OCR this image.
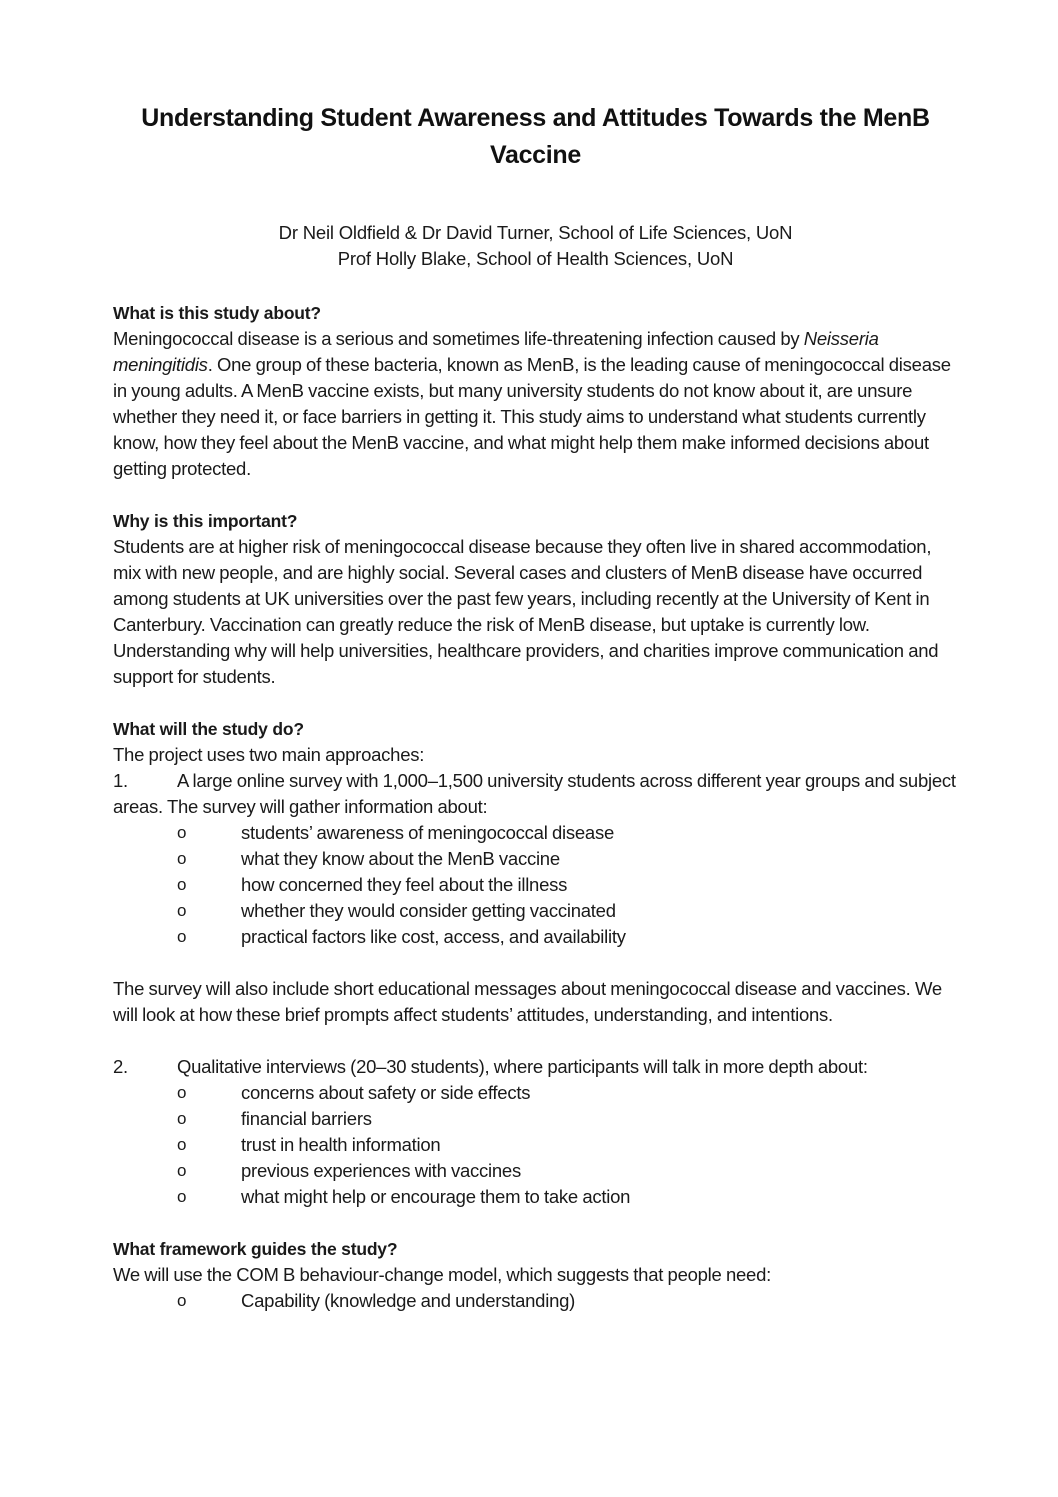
Understanding Student Awareness and Attitudes Towards the MenB Vaccine
Dr Neil Oldfield & Dr David Turner, School of Life Sciences, UoN
Prof Holly Blake, School of Health Sciences, UoN
What is this study about?

Meningococcal disease is a serious and sometimes life-threatening infection caused by Neisseria meningitidis. One group of these bacteria, known as MenB, is the leading cause of meningococcal disease in young adults. A MenB vaccine exists, but many university students do not know about it, are unsure whether they need it, or face barriers in getting it. This study aims to understand what students currently know, how they feel about the MenB vaccine, and what might help them make informed decisions about getting protected.

Why is this important?

Students are at higher risk of meningococcal disease because they often live in shared accommodation, mix with new people, and are highly social. Several cases and clusters of MenB disease have occurred among students at UK universities over the past few years, including recently at the University of Kent in Canterbury. Vaccination can greatly reduce the risk of MenB disease, but uptake is currently low. Understanding why will help universities, healthcare providers, and charities improve communication and support for students.

What will the study do?

The project uses two main approaches:

1.	A large online survey with 1,000–1,500 university students across different year groups and subject areas. The survey will gather information about:

o	students’ awareness of meningococcal disease
o	what they know about the MenB vaccine
o	how concerned they feel about the illness
o	whether they would consider getting vaccinated
o	practical factors like cost, access, and availability

The survey will also include short educational messages about meningococcal disease and vaccines. We will look at how these brief prompts affect students’ attitudes, understanding, and intentions.

2.	Qualitative interviews (20–30 students), where participants will talk in more depth about:

o	concerns about safety or side effects
o	financial barriers
o	trust in health information
o	previous experiences with vaccines
o	what might help or encourage them to take action
What framework guides the study?

We will use the COM B behaviour-change model, which suggests that people need:

o	Capability (knowledge and understanding)
